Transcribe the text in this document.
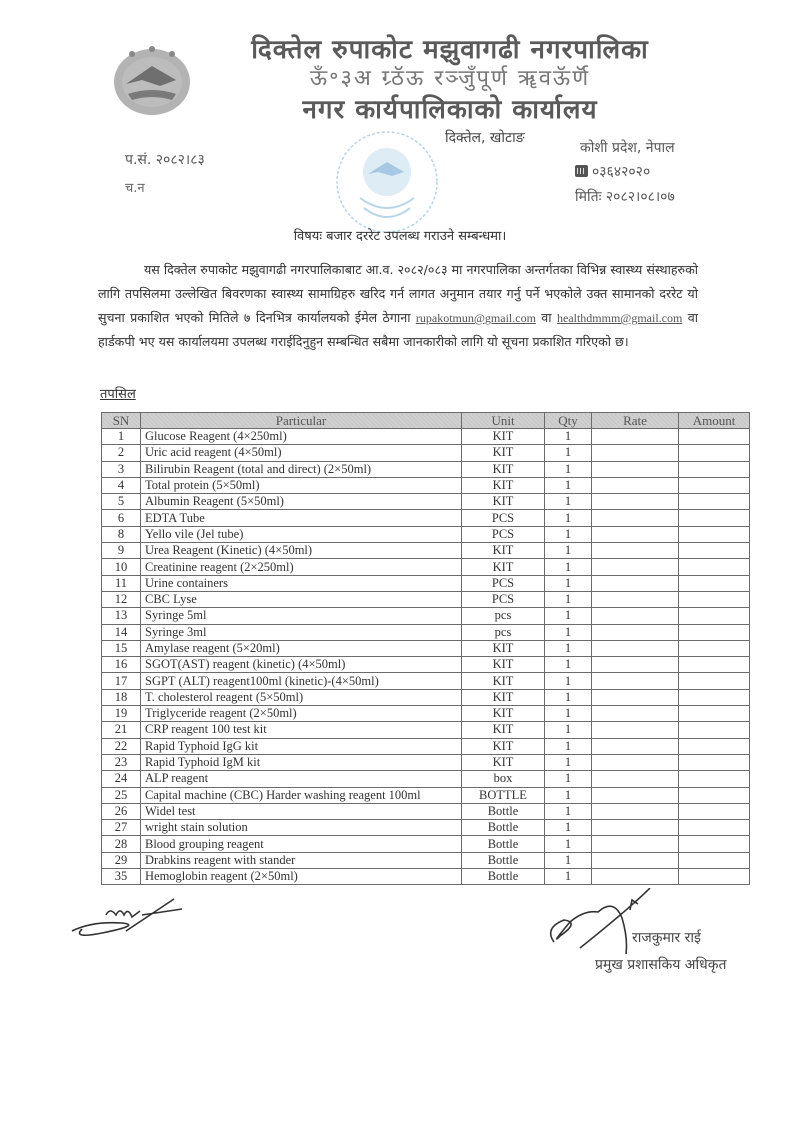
दिक्तेल रुपाकोट मझुवागढी नगरपालिका
ऊँ॰३अ ग्र्ठॅऊ रञ्जुँपूर्ण ॠवऊॅर्णॅ
नगर कार्यपालिकाको कार्यालय
दिक्तेल, खोटाङ
प.सं. २०८२।८३
च.न
कोशी प्रदेश, नेपाल
०३६४२०२०
मितिः २०८२।०८।०७
विषयः बजार दररेट उपलब्ध गराउने सम्बन्धमा।
यस दिक्तेल रुपाकोट मझुवागढी नगरपालिकाबाट आ.व. २०८२/०८३ मा नगरपालिका अन्तर्गतका विभिन्न स्वास्थ्य संस्थाहरुको लागि तपसिलमा उल्लेखित बिवरणका स्वास्थ्य सामाग्रिहरु खरिद गर्न लागत अनुमान तयार गर्नु पर्ने भएकोले उक्त सामानको दररेट यो सुचना प्रकाशित भएको मितिले ७ दिनभित्र कार्यालयको ईमेल ठेगाना rupakotmun@gmail.com वा healthdmmm@gmail.com वा हार्डकपी भए यस कार्यालयमा उपलब्ध गराईदिनुहुन सम्बन्धित सबैमा जानकारीको लागि यो सूचना प्रकाशित गरिएको छ।
तपसिल
SN	Particular	Unit	Qty	Rate	Amount
1	Glucose Reagent (4×250ml)	KIT	1		
2	Uric acid reagent (4×50ml)	KIT	1		
3	Bilirubin Reagent (total and direct) (2×50ml)	KIT	1		
4	Total protein (5×50ml)	KIT	1		
5	Albumin Reagent (5×50ml)	KIT	1		
6	EDTA Tube	PCS	1		
8	Yello vile (Jel tube)	PCS	1		
9	Urea Reagent (Kinetic) (4×50ml)	KIT	1		
10	Creatinine reagent (2×250ml)	KIT	1		
11	Urine containers	PCS	1		
12	CBC Lyse	PCS	1		
13	Syringe 5ml	pcs	1		
14	Syringe 3ml	pcs	1		
15	Amylase reagent (5×20ml)	KIT	1		
16	SGOT(AST) reagent (kinetic) (4×50ml)	KIT	1		
17	SGPT (ALT) reagent100ml (kinetic)-(4×50ml)	KIT	1		
18	T. cholesterol reagent (5×50ml)	KIT	1		
19	Triglyceride reagent (2×50ml)	KIT	1		
21	CRP reagent 100 test kit	KIT	1		
22	Rapid Typhoid IgG kit	KIT	1		
23	Rapid Typhoid IgM kit	KIT	1		
24	ALP reagent	box	1		
25	Capital machine (CBC) Harder washing reagent 100ml	BOTTLE	1		
26	Widel test	Bottle	1		
27	wright stain solution	Bottle	1		
28	Blood grouping reagent	Bottle	1		
29	Drabkins reagent with stander	Bottle	1		
35	Hemoglobin reagent (2×50ml)	Bottle	1		
राजकुमार राई
प्रमुख प्रशासकिय अधिकृत
